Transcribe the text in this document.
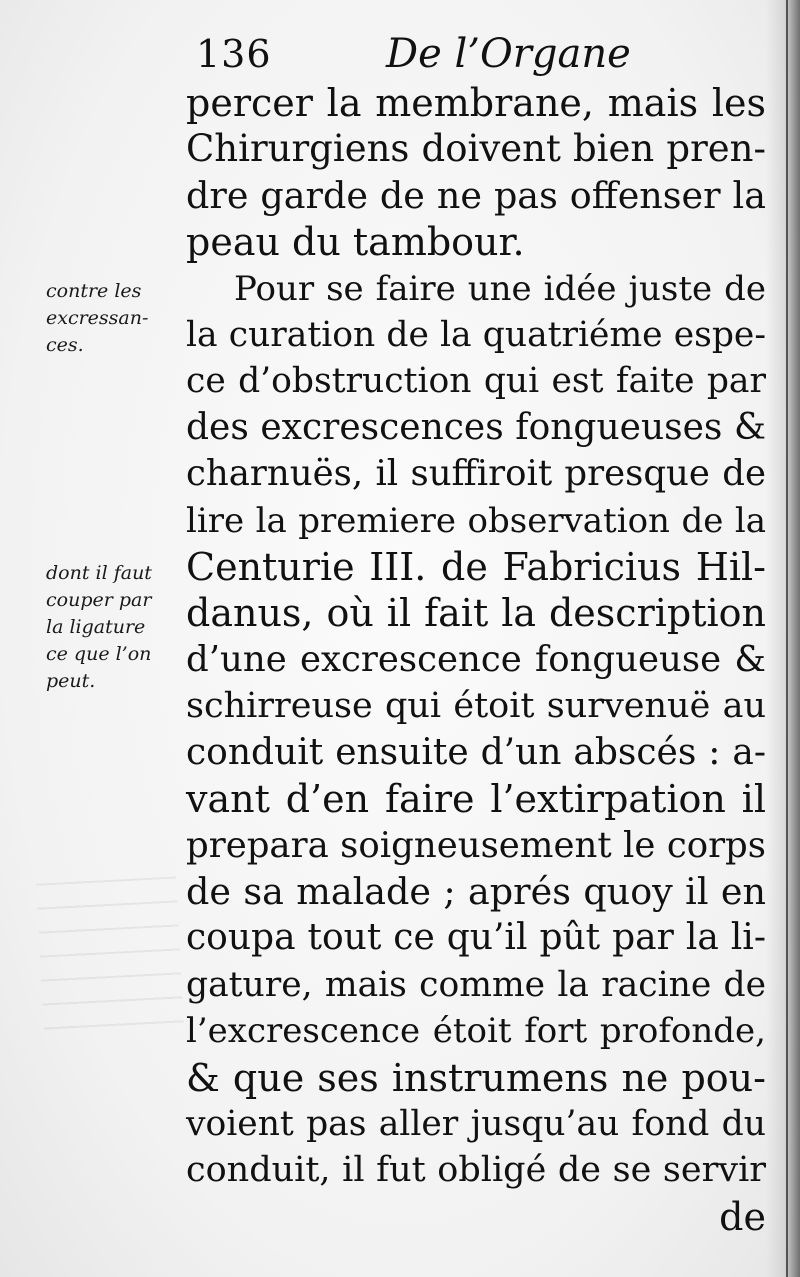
136	De l’Organe
contre les
excressan-
ces.
dont il faut
couper par
la ligature
ce que l’on
peut.
percer la membrane, mais les
Chirurgiens doivent bien pren-
dre garde de ne pas offenser la
peau du tambour.
Pour se faire une idée juste de
la curation de la quatriéme espe-
ce d’obstruction qui est faite par
des excrescences fongueuses &
charnuës, il suffiroit presque de
lire la premiere observation de la
Centurie III. de Fabricius Hil-
danus, où il fait la description
d’une excrescence fongueuse &
schirreuse qui étoit survenuë au
conduit ensuite d’un abscés : a-
vant d’en faire l’extirpation il
prepara soigneusement le corps
de sa malade ; aprés quoy il en
coupa tout ce qu’il pût par la li-
gature, mais comme la racine de
l’excrescence étoit fort profonde,
& que ses instrumens ne pou-
voient pas aller jusqu’au fond du
conduit, il fut obligé de se servir
de
